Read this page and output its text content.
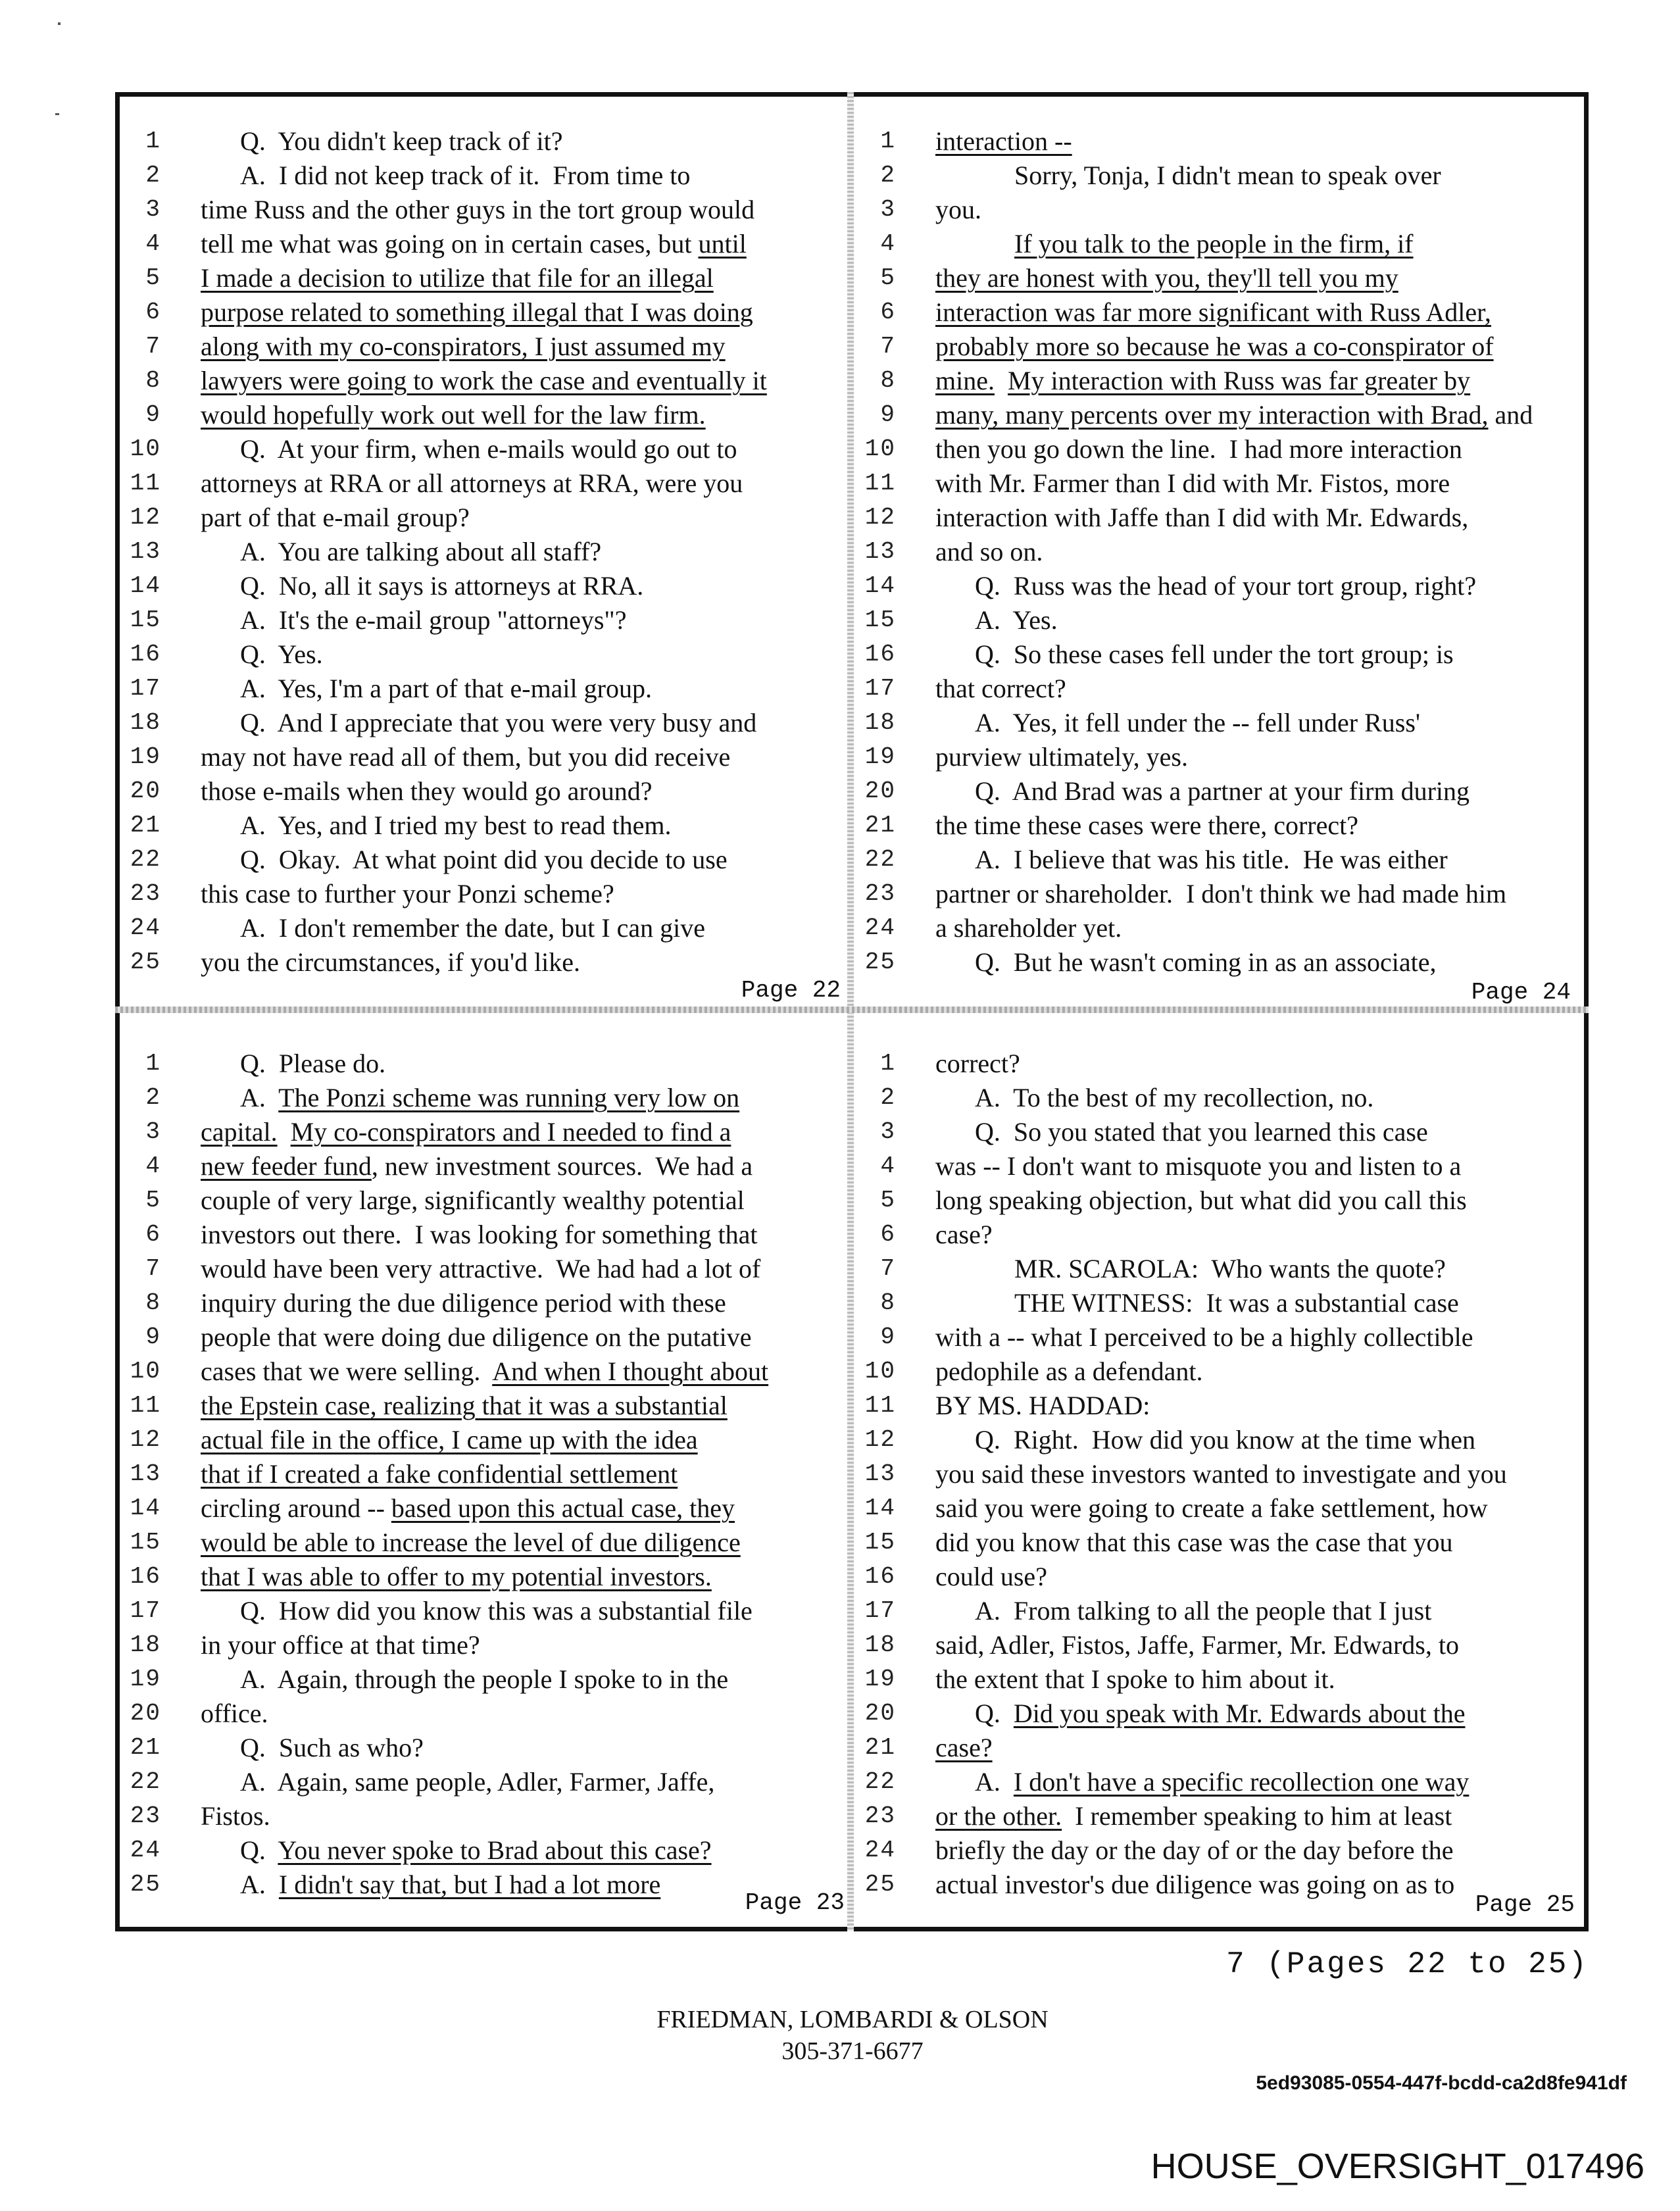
1	Q.  You didn't keep track of it?
2	A.  I did not keep track of it.  From time to
3 time Russ and the other guys in the tort group would
4 tell me what was going on in certain cases, but until
5 I made a decision to utilize that file for an illegal
6 purpose related to something illegal that I was doing
7 along with my co-conspirators, I just assumed my
8 lawyers were going to work the case and eventually it
9 would hopefully work out well for the law firm.
10	Q.  At your firm, when e-mails would go out to
11 attorneys at RRA or all attorneys at RRA, were you
12 part of that e-mail group?
13	A.  You are talking about all staff?
14	Q.  No, all it says is attorneys at RRA.
15	A.  It's the e-mail group "attorneys"?
16	Q.  Yes.
17	A.  Yes, I'm a part of that e-mail group.
18	Q.  And I appreciate that you were very busy and
19 may not have read all of them, but you did receive
20 those e-mails when they would go around?
21	A.  Yes, and I tried my best to read them.
22	Q.  Okay.  At what point did you decide to use
23 this case to further your Ponzi scheme?
24	A.  I don't remember the date, but I can give
25 you the circumstances, if you'd like.
1 interaction --
2	Sorry, Tonja, I didn't mean to speak over
3 you.
4	If you talk to the people in the firm, if
5 they are honest with you, they'll tell you my
6 interaction was far more significant with Russ Adler,
7 probably more so because he was a co-conspirator of
8 mine. My interaction with Russ was far greater by
9 many, many percents over my interaction with Brad, and
10 then you go down the line.  I had more interaction
11 with Mr. Farmer than I did with Mr. Fistos, more
12 interaction with Jaffe than I did with Mr. Edwards,
13 and so on.
14	Q.  Russ was the head of your tort group, right?
15	A.  Yes.
16	Q.  So these cases fell under the tort group; is
17 that correct?
18	A.  Yes, it fell under the -- fell under Russ'
19 purview ultimately, yes.
20	Q.  And Brad was a partner at your firm during
21 the time these cases were there, correct?
22	A.  I believe that was his title.  He was either
23 partner or shareholder.  I don't think we had made him
24 a shareholder yet.
25	Q.  But he wasn't coming in as an associate,
1	Q.  Please do.
2	A.  The Ponzi scheme was running very low on
3 capital. My co-conspirators and I needed to find a
4 new feeder fund, new investment sources.  We had a
5 couple of very large, significantly wealthy potential
6 investors out there.  I was looking for something that
7 would have been very attractive.  We had had a lot of
8 inquiry during the due diligence period with these
9 people that were doing due diligence on the putative
10 cases that we were selling.  And when I thought about
11 the Epstein case, realizing that it was a substantial
12 actual file in the office, I came up with the idea
13 that if I created a fake confidential settlement
14 circling around -- based upon this actual case, they
15 would be able to increase the level of due diligence
16 that I was able to offer to my potential investors.
17	Q.  How did you know this was a substantial file
18 in your office at that time?
19	A.  Again, through the people I spoke to in the
20 office.
21	Q.  Such as who?
22	A.  Again, same people, Adler, Farmer, Jaffe,
23 Fistos.
24	Q.  You never spoke to Brad about this case?
25	A.  I didn't say that, but I had a lot more
1 correct?
2	A.  To the best of my recollection, no.
3	Q.  So you stated that you learned this case
4 was -- I don't want to misquote you and listen to a
5 long speaking objection, but what did you call this
6 case?
7	MR. SCAROLA:  Who wants the quote?
8	THE WITNESS:  It was a substantial case
9 with a -- what I perceived to be a highly collectible
10 pedophile as a defendant.
11 BY MS. HADDAD:
12	Q.  Right.  How did you know at the time when
13 you said these investors wanted to investigate and you
14 said you were going to create a fake settlement, how
15 did you know that this case was the case that you
16 could use?
17	A.  From talking to all the people that I just
18 said, Adler, Fistos, Jaffe, Farmer, Mr. Edwards, to
19 the extent that I spoke to him about it.
20	Q.  Did you speak with Mr. Edwards about the
21 case?
22	A.  I don't have a specific recollection one way
23 or the other.  I remember speaking to him at least
24 briefly the day or the day of or the day before the
25 actual investor's due diligence was going on as to
Page 22	Page 24
Page 23	Page 25
7 (Pages 22 to 25)
FRIEDMAN, LOMBARDI & OLSON
305-371-6677
5ed93085-0554-447f-bcdd-ca2d8fe941df
HOUSE_OVERSIGHT_017496
